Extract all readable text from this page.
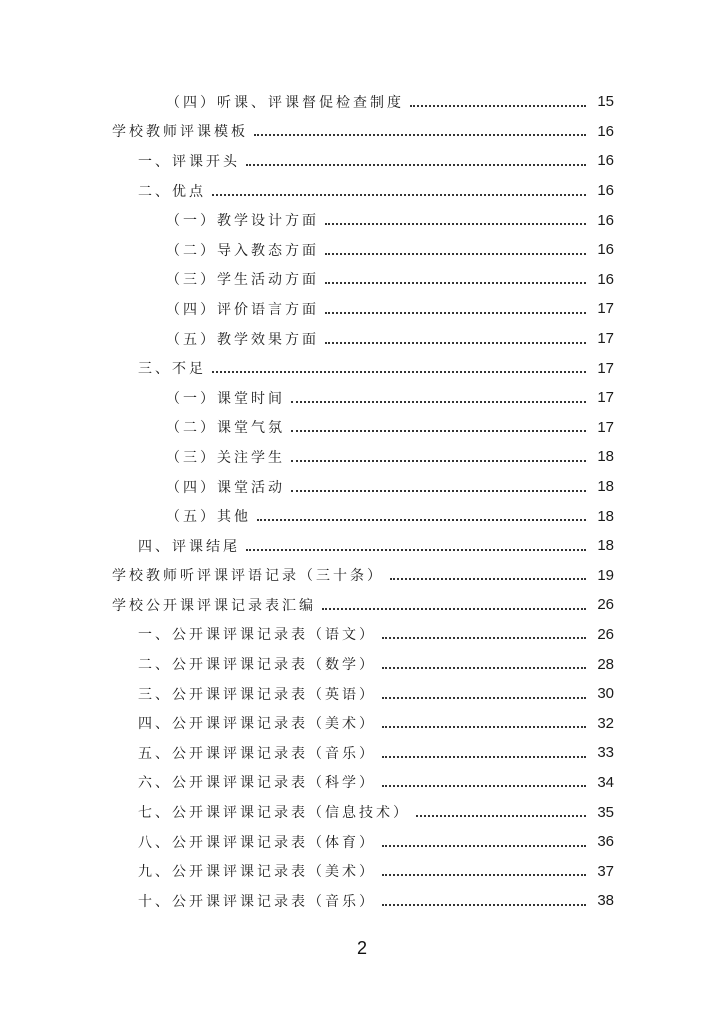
（四）听课、评课督促检查制度	15
学校教师评课模板	16
一、评课开头	16
二、优点	16
（一）教学设计方面	16
（二）导入教态方面	16
（三）学生活动方面	16
（四）评价语言方面	17
（五）教学效果方面	17
三、不足	17
（一）课堂时间	17
（二）课堂气氛	17
（三）关注学生	18
（四）课堂活动	18
（五）其他	18
四、评课结尾	18
学校教师听评课评语记录（三十条）	19
学校公开课评课记录表汇编	26
一、公开课评课记录表（语文）	26
二、公开课评课记录表（数学）	28
三、公开课评课记录表（英语）	30
四、公开课评课记录表（美术）	32
五、公开课评课记录表（音乐）	33
六、公开课评课记录表（科学）	34
七、公开课评课记录表（信息技术）	35
八、公开课评课记录表（体育）	36
九、公开课评课记录表（美术）	37
十、公开课评课记录表（音乐）	38
2
